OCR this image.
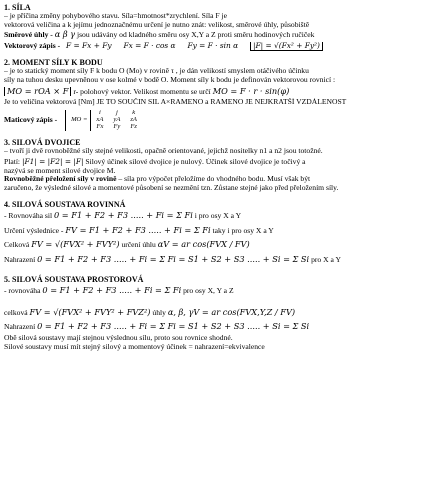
1. SÍLA
– je příčina změny pohybového stavu. Síla=hmotnost*zrychlení. Síla F je
vektorová veličina a k jejímu jednoznačnému určení je nutno znát: velikost, směrové úhly, působiště
Směrové úhly - α β γ jsou udávány od kladného směru osy X,Y a Z proti směru hodinových ručiček
Vektorový zápis - F = Fx + Fy Fx = F · cos α Fy = F · sin α |F| = √(Fx² + Fy²)
2. MOMENT SÍLY K BODU
– je to statický moment síly F k bodu O (Mo) v rovině τ , je dán velikostí smyslem otáčivého účinku
síly na tuhou desku upevněnou v ose kolmé v bodě O. Moment síly k bodu je definován vektorovou rovnicí :
MO = rOA × F r- polohový vektor. Velikost momentu se určí MO = F · r · sin(φ)
Je to veličina vektorová [Nm] JE TO SOUČIN SIL A×RAMENO a RAMENO JE NEJKRATŠÍ VZDÁLENOST
Maticový zápis - MO =	i	j	k
	xA	yA	zA
	Fx	Fy	Fz
3. SILOVÁ DVOJICE
– tvoří ji dvě rovnoběžné síly stejné velikosti, opačně orientované, jejichž nositelky n1 a n2 jsou totožné.
Platí: |F1| = |F2| = |F| Silový účinek silové dvojice je nulový. Účinek silové dvojice je točivý a
nazývá se moment silové dvojice M.
Rovnoběžné přeložení síly v rovině – síla pro výpočet přeložíme do vhodného bodu. Musí však být
zaručeno, že výsledné silové a momentové působení se nezmění tzn. Zůstane stejné jako před přeložením síly.
4. SILOVÁ SOUSTAVA ROVINNÁ
- Rovnováha sil 0 = F1 + F2 + F3 ..... + Fi = Σ Fi i pro osy X a Y
Určení výslednice - FV = F1 + F2 + F3 ..... + Fi = Σ Fi taky i pro osy X a Y
Celková FV = √(FVX² + FVY²) určení úhlu αV = ar cos(FVX / FV)
Nahrazení 0 = F1 + F2 + F3 ..... + Fi = Σ Fi = S1 + S2 + S3 ..... + Si = Σ Si pro X a Y
5. SILOVÁ SOUSTAVA PROSTOROVÁ
- rovnováha 0 = F1 + F2 + F3 ..... + Fi = Σ Fi pro osy X, Y a Z
celková FV = √(FVX² + FVY² + FVZ²) úhly α, β, γV = ar cos(FVX,Y,Z / FV)
Nahrazení 0 = F1 + F2 + F3 ..... + Fi = Σ Fi = S1 + S2 + S3 ..... + Si = Σ Si
Obě silová soustavy mají stejnou výslednou sílu, proto sou rovnice shodné.
Silové soustavy musí mít stejný silový a momentový účinek = nahrazení=ekvivalence
